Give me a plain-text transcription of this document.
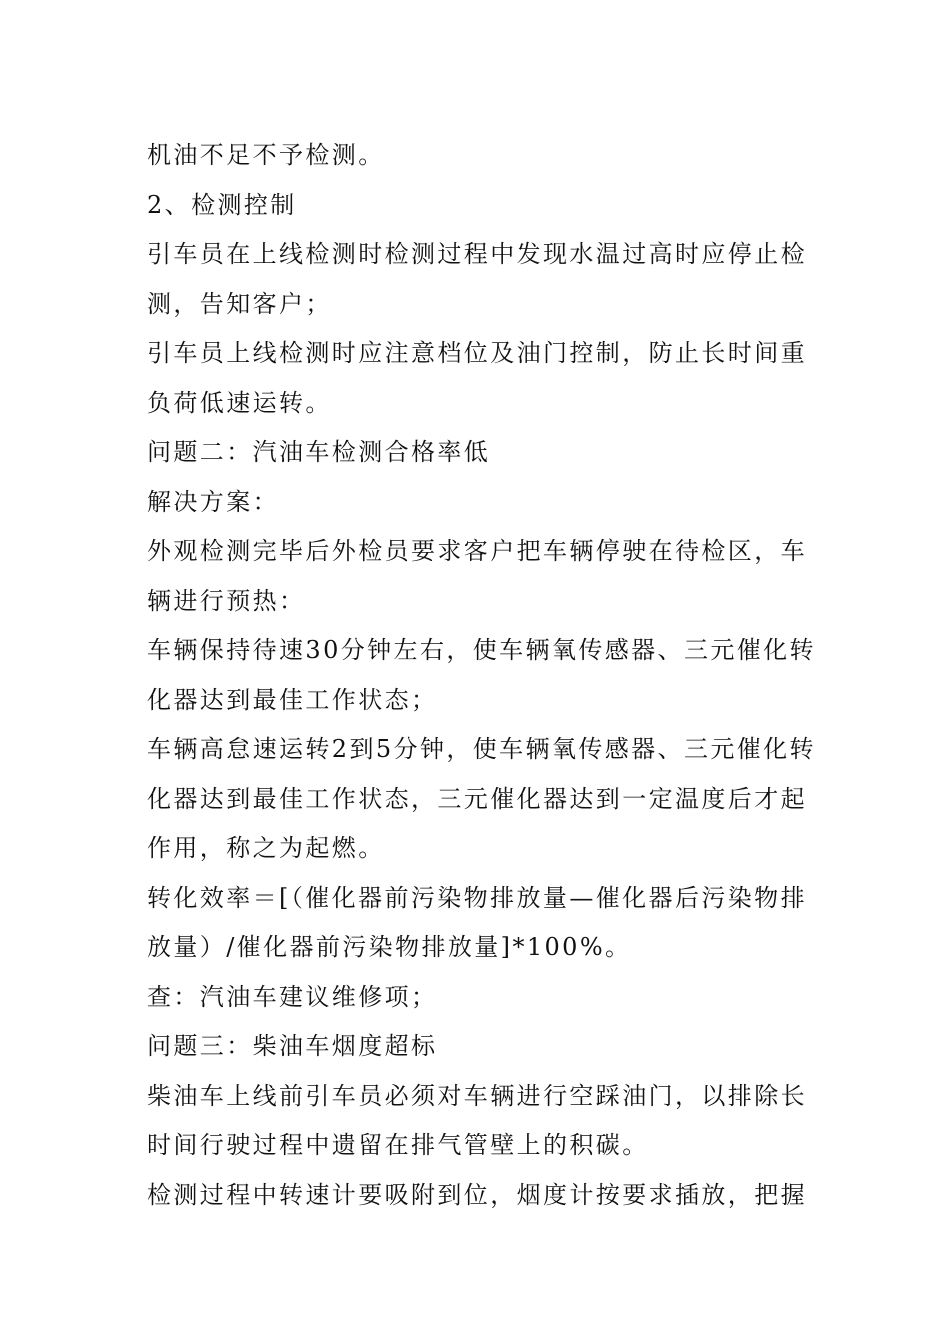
机油不足不予检测。
2、检测控制
引车员在上线检测时检测过程中发现水温过高时应停止检
测，告知客户；
引车员上线检测时应注意档位及油门控制，防止长时间重
负荷低速运转。
问题二：汽油车检测合格率低
解决方案：
外观检测完毕后外检员要求客户把车辆停驶在待检区，车
辆进行预热：
车辆保持待速30分钟左右，使车辆氧传感器、三元催化转
化器达到最佳工作状态；
车辆高怠速运转2到5分钟，使车辆氧传感器、三元催化转
化器达到最佳工作状态，三元催化器达到一定温度后才起
作用，称之为起燃。
转化效率＝[（催化器前污染物排放量—催化器后污染物排
放量）/催化器前污染物排放量]*100%。
查：汽油车建议维修项；
问题三：柴油车烟度超标
柴油车上线前引车员必须对车辆进行空踩油门，以排除长
时间行驶过程中遗留在排气管壁上的积碳。
检测过程中转速计要吸附到位，烟度计按要求插放，把握
